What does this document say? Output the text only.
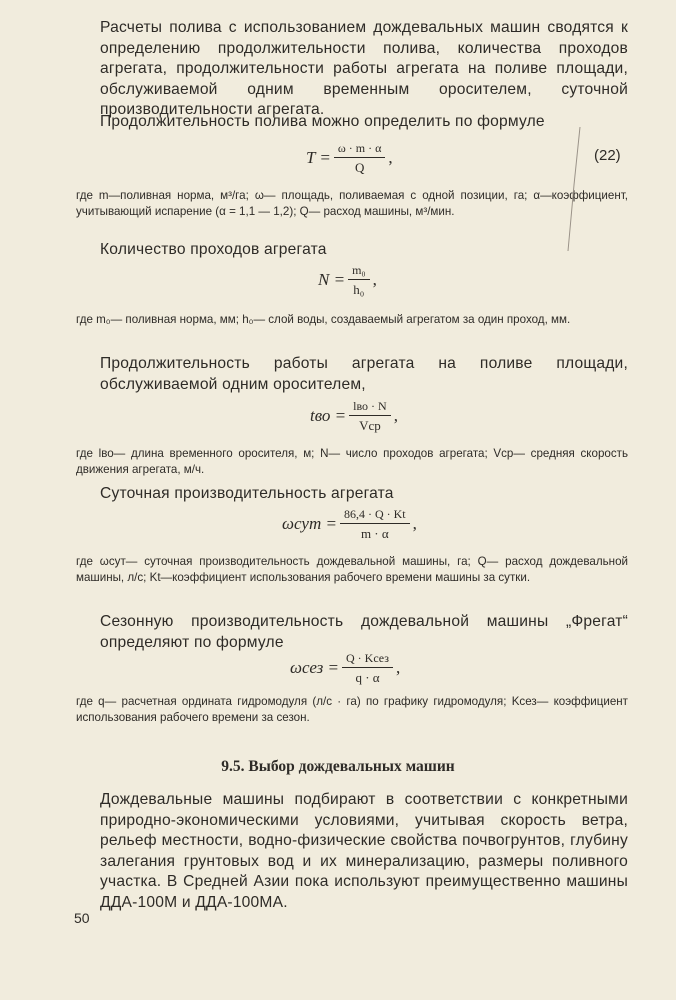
Расчеты полива с использованием дождевальных машин сводятся к определению продолжительности полива, количества проходов агрегата, продолжительности работы агрегата на поливе площади, обслуживаемой одним временным оросителем, суточной производительности агрегата.

Продолжительность полива можно определить по формуле

$T = \frac{\omega \cdot m \cdot \alpha}{Q}$ ,	(22)

где m—поливная норма, м³/га; ω— площадь, поливаемая с одной позиции, га; α—коэффициент, учитывающий испарение (α = 1,1 — 1,2); Q— расход машины, м³/мин.

Количество проходов агрегата

$N = \frac{\text{m₀}}{\text{h₀}}$ ,

где m₀— поливная норма, мм; h₀— слой воды, создаваемый агрегатом за один проход, мм.

Продолжительность работы агрегата на поливе площади, обслуживаемой одним оросителем,

tво = $\frac{\text{lво · N}}{\text{Vср}}$ ,

где lво— длина временного оросителя, м; N— число проходов агрегата; Vср— средняя скорость движения агрегата, м/ч.

Суточная производительность агрегата

$\omega сут = \frac{86,4 \cdot Q \cdot Kt}{m \cdot \alpha}$ ,

где ωсут— суточная производительность дождевальной машины, га; Q— расход дождевальной машины, л/с; Kt—коэффициент использования рабочего времени машины за сутки.

Сезонную производительность дождевальной машины „Фрегат“ определяют по формуле

$\omega сез = \frac{\text{Q · Kсез}}{q \cdot \alpha}$ ,

где q— расчетная ордината гидромодуля (л/с · га) по графику гидромодуля; Kсез— коэффициент использования рабочего времени за сезон.

9.5. Выбор дождевальных машин

Дождевальные машины подбирают в соответствии с конкретными природно-экономическими условиями, учитывая скорость ветра, рельеф местности, водно-физические свойства почвогрунтов, глубину залегания грунтовых вод и их минерализацию, размеры поливного участка. В Средней Азии пока используют преимущественно машины ДДА-100М и ДДА-100МА.

50
